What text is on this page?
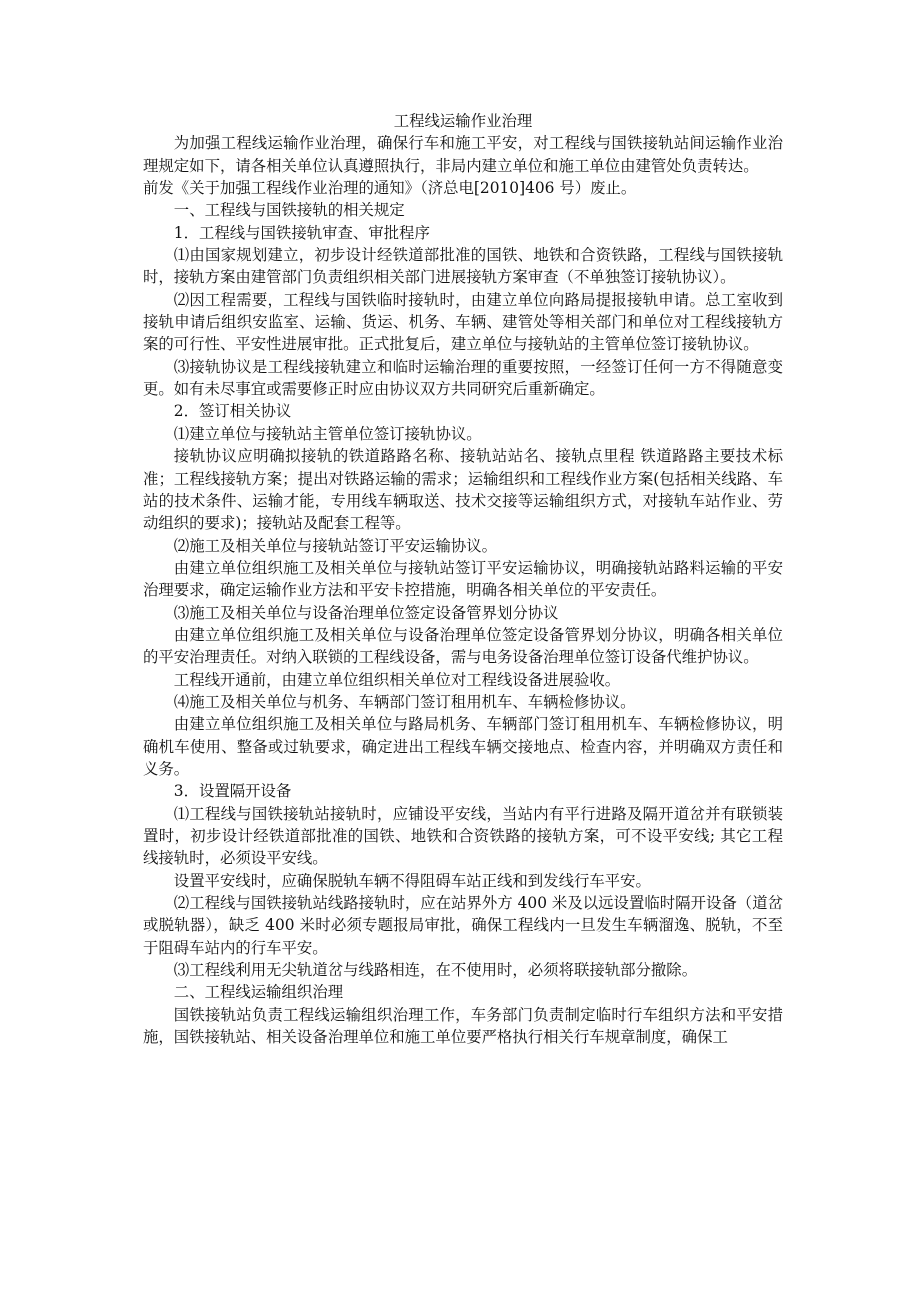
工程线运输作业治理

为加强工程线运输作业治理，确保行车和施工平安，对工程线与国铁接轨站间运输作业治理规定如下，请各相关单位认真遵照执行，非局内建立单位和施工单位由建管处负责转达。

前发《关于加强工程线作业治理的通知》（济总电[2010]406 号）废止。

一、工程线与国铁接轨的相关规定

1．工程线与国铁接轨审查、审批程序

⑴由国家规划建立，初步设计经铁道部批准的国铁、地铁和合资铁路，工程线与国铁接轨时，接轨方案由建管部门负责组织相关部门进展接轨方案审查（不单独签订接轨协议）。

⑵因工程需要，工程线与国铁临时接轨时，由建立单位向路局提报接轨申请。总工室收到接轨申请后组织安监室、运输、货运、机务、车辆、建管处等相关部门和单位对工程线接轨方案的可行性、平安性进展审批。正式批复后，建立单位与接轨站的主管单位签订接轨协议。

⑶接轨协议是工程线接轨建立和临时运输治理的重要按照，一经签订任何一方不得随意变更。如有未尽事宜或需要修正时应由协议双方共同研究后重新确定。

2．签订相关协议

⑴建立单位与接轨站主管单位签订接轨协议。

接轨协议应明确拟接轨的铁道路路名称、接轨站站名、接轨点里程 铁道路路主要技术标准；工程线接轨方案；提出对铁路运输的需求；运输组织和工程线作业方案(包括相关线路、车站的技术条件、运输才能，专用线车辆取送、技术交接等运输组织方式，对接轨车站作业、劳动组织的要求)；接轨站及配套工程等。

⑵施工及相关单位与接轨站签订平安运输协议。

由建立单位组织施工及相关单位与接轨站签订平安运输协议，明确接轨站路料运输的平安治理要求，确定运输作业方法和平安卡控措施，明确各相关单位的平安责任。

⑶施工及相关单位与设备治理单位签定设备管界划分协议

由建立单位组织施工及相关单位与设备治理单位签定设备管界划分协议，明确各相关单位的平安治理责任。对纳入联锁的工程线设备，需与电务设备治理单位签订设备代维护协议。

工程线开通前，由建立单位组织相关单位对工程线设备进展验收。

⑷施工及相关单位与机务、车辆部门签订租用机车、车辆检修协议。

由建立单位组织施工及相关单位与路局机务、车辆部门签订租用机车、车辆检修协议，明确机车使用、整备或过轨要求，确定进出工程线车辆交接地点、检查内容，并明确双方责任和义务。

3．设置隔开设备

⑴工程线与国铁接轨站接轨时，应铺设平安线，当站内有平行进路及隔开道岔并有联锁装置时，初步设计经铁道部批准的国铁、地铁和合资铁路的接轨方案，可不设平安线; 其它工程线接轨时，必须设平安线。

设置平安线时，应确保脱轨车辆不得阻碍车站正线和到发线行车平安。

⑵工程线与国铁接轨站线路接轨时，应在站界外方 400 米及以远设置临时隔开设备（道岔或脱轨器），缺乏 400 米时必须专题报局审批，确保工程线内一旦发生车辆溜逸、脱轨，不至于阻碍车站内的行车平安。

⑶工程线利用无尖轨道岔与线路相连，在不使用时，必须将联接轨部分撤除。

二、工程线运输组织治理

国铁接轨站负责工程线运输组织治理工作，车务部门负责制定临时行车组织方法和平安措施，国铁接轨站、相关设备治理单位和施工单位要严格执行相关行车规章制度，确保工
